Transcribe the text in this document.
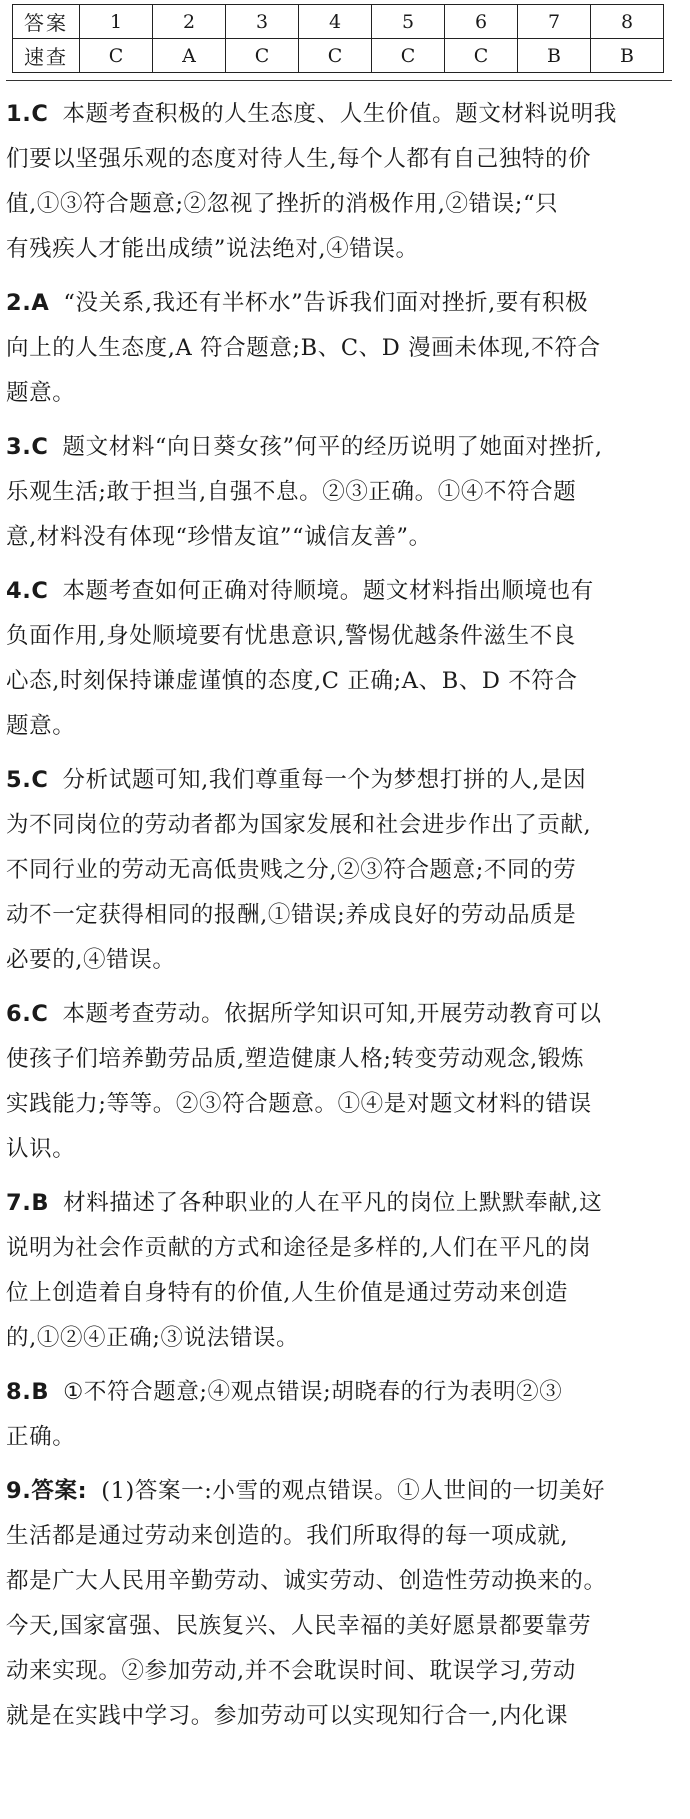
答案	1	2	3	4	5	6	7	8
速查	C	A	C	C	C	C	B	B

1.C 本题考查积极的人生态度、人生价值。题文材料说明我

们要以坚强乐观的态度对待人生,每个人都有自己独特的价

值,①③符合题意;②忽视了挫折的消极作用,②错误;“只

有残疾人才能出成绩”说法绝对,④错误。

2.A “没关系,我还有半杯水”告诉我们面对挫折,要有积极

向上的人生态度,A 符合题意;B、C、D 漫画未体现,不符合

题意。

3.C 题文材料“向日葵女孩”何平的经历说明了她面对挫折,

乐观生活;敢于担当,自强不息。②③正确。①④不符合题

意,材料没有体现“珍惜友谊”“诚信友善”。

4.C 本题考查如何正确对待顺境。题文材料指出顺境也有

负面作用,身处顺境要有忧患意识,警惕优越条件滋生不良

心态,时刻保持谦虚谨慎的态度,C 正确;A、B、D 不符合

题意。

5.C 分析试题可知,我们尊重每一个为梦想打拼的人,是因

为不同岗位的劳动者都为国家发展和社会进步作出了贡献,

不同行业的劳动无高低贵贱之分,②③符合题意;不同的劳

动不一定获得相同的报酬,①错误;养成良好的劳动品质是

必要的,④错误。

6.C 本题考查劳动。依据所学知识可知,开展劳动教育可以

使孩子们培养勤劳品质,塑造健康人格;转变劳动观念,锻炼

实践能力;等等。②③符合题意。①④是对题文材料的错误

认识。

7.B 材料描述了各种职业的人在平凡的岗位上默默奉献,这

说明为社会作贡献的方式和途径是多样的,人们在平凡的岗

位上创造着自身特有的价值,人生价值是通过劳动来创造

的,①②④正确;③说法错误。

8.B ①不符合题意;④观点错误;胡晓春的行为表明②③

正确。

9.答案: (1)答案一:小雪的观点错误。①人世间的一切美好

生活都是通过劳动来创造的。我们所取得的每一项成就,

都是广大人民用辛勤劳动、诚实劳动、创造性劳动换来的。

今天,国家富强、民族复兴、人民幸福的美好愿景都要靠劳

动来实现。②参加劳动,并不会耽误时间、耽误学习,劳动

就是在实践中学习。参加劳动可以实现知行合一,内化课
